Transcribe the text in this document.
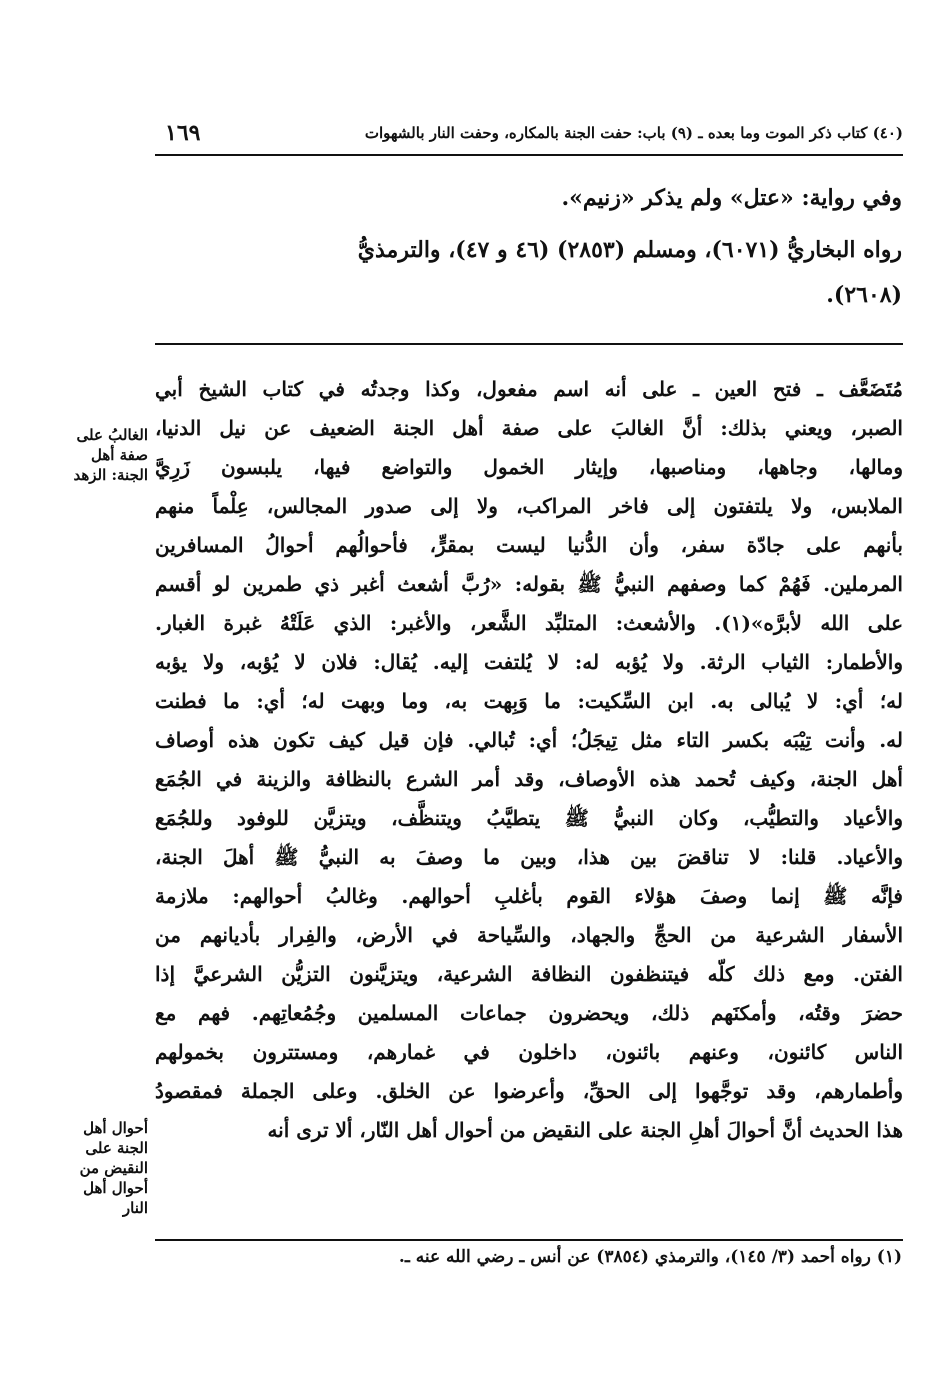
(٤٠) كتاب ذكر الموت وما بعده ـ (٩) باب: حفت الجنة بالمكاره، وحفت النار بالشهوات
١٦٩
وفي رواية: «عتل» ولم يذكر «زنيم».
رواه البخاريُّ (٦٠٧١)، ومسلم (٢٨٥٣) (٤٦ و ٤٧)، والترمذيُّ
(٢٦٠٨).
مُتَضَعَّف ـ فتح العين ـ على أنه اسم مفعول، وكذا وجدتُه في كتاب الشيخ أبي
الصبر، ويعني بذلك: أنَّ الغالبَ على صفة أهل الجنة الضعيف عن نيل الدنيا،
ومالها، وجاهها، ومناصبها، وإيثار الخمول والتواضع فيها، يلبسون زَرِيَّ
الملابس، ولا يلتفتون إلى فاخر المراكب، ولا إلى صدور المجالس، عِلْماً منهم
بأنهم على جادّة سفر، وأن الدُّنيا ليست بمقرٍّ، فأحوالُهم أحوالُ المسافرين
المرملين. فَهُمْ كما وصفهم النبيُّ ﷺ بقوله: «رُبَّ أشعث أغبر ذي طمرين لو أقسم
على الله لأبرَّه»(١). والأشعث: المتلبِّد الشَّعر، والأغبر: الذي عَلَتْهُ غبرة الغبار.
والأطمار: الثياب الرثة. ولا يُؤبه له: لا يُلتفت إليه. يُقال: فلان لا يُؤبه، ولا يؤبه
له؛ أي: لا يُبالى به. ابن السِّكيت: ما وَبِهت به، وما وبهت له؛ أي: ما فطنت
له. وأنت تِيْبَه بكسر التاء مثل تِيجَلُ؛ أي: تُبالي. فإن قيل كيف تكون هذه أوصاف
أهل الجنة، وكيف تُحمد هذه الأوصاف، وقد أمر الشرع بالنظافة والزينة في الجُمَع
والأعياد والتطيُّب، وكان النبيُّ ﷺ يتطيَّبُ ويتنظَّف، ويتزيَّن للوفود وللجُمَع
والأعياد. قلنا: لا تناقضَ بين هذا، وبين ما وصفَ به النبيُّ ﷺ أهلَ الجنة،
فإنَّه ﷺ إنما وصفَ هؤلاء القوم بأغلبِ أحوالهم. وغالبُ أحوالهم: ملازمة
الأسفار الشرعية من الحجِّ والجهاد، والسِّياحة في الأرض، والفِرار بأديانهم من
الفتن. ومع ذلك كلّه فيتنظفون النظافة الشرعية، ويتزيَّنون التزيُّن الشرعيَّ إذا
حضرَ وقتُه، وأمكنَهم ذلك، ويحضرون جماعات المسلمين وجُمُعاتِهم. فهم مع
الناس كائنون، وعنهم بائنون، داخلون في غمارهم، ومستترون بخمولهم
وأطمارهم، وقد توجَّهوا إلى الحقِّ، وأعرضوا عن الخلق. وعلى الجملة فمقصودُ
هذا الحديث أنَّ أحوالَ أهلِ الجنة على النقيض من أحوال أهل النّار، ألا ترى أنه
الغالبُ على
صفة أهل
الجنة: الزهد
أحوال أهل
الجنة على
النقيض من
أحوال أهل
النار
(١) رواه أحمد (٣/ ١٤٥)، والترمذي (٣٨٥٤) عن أنس ـ رضي الله عنه ـ.
